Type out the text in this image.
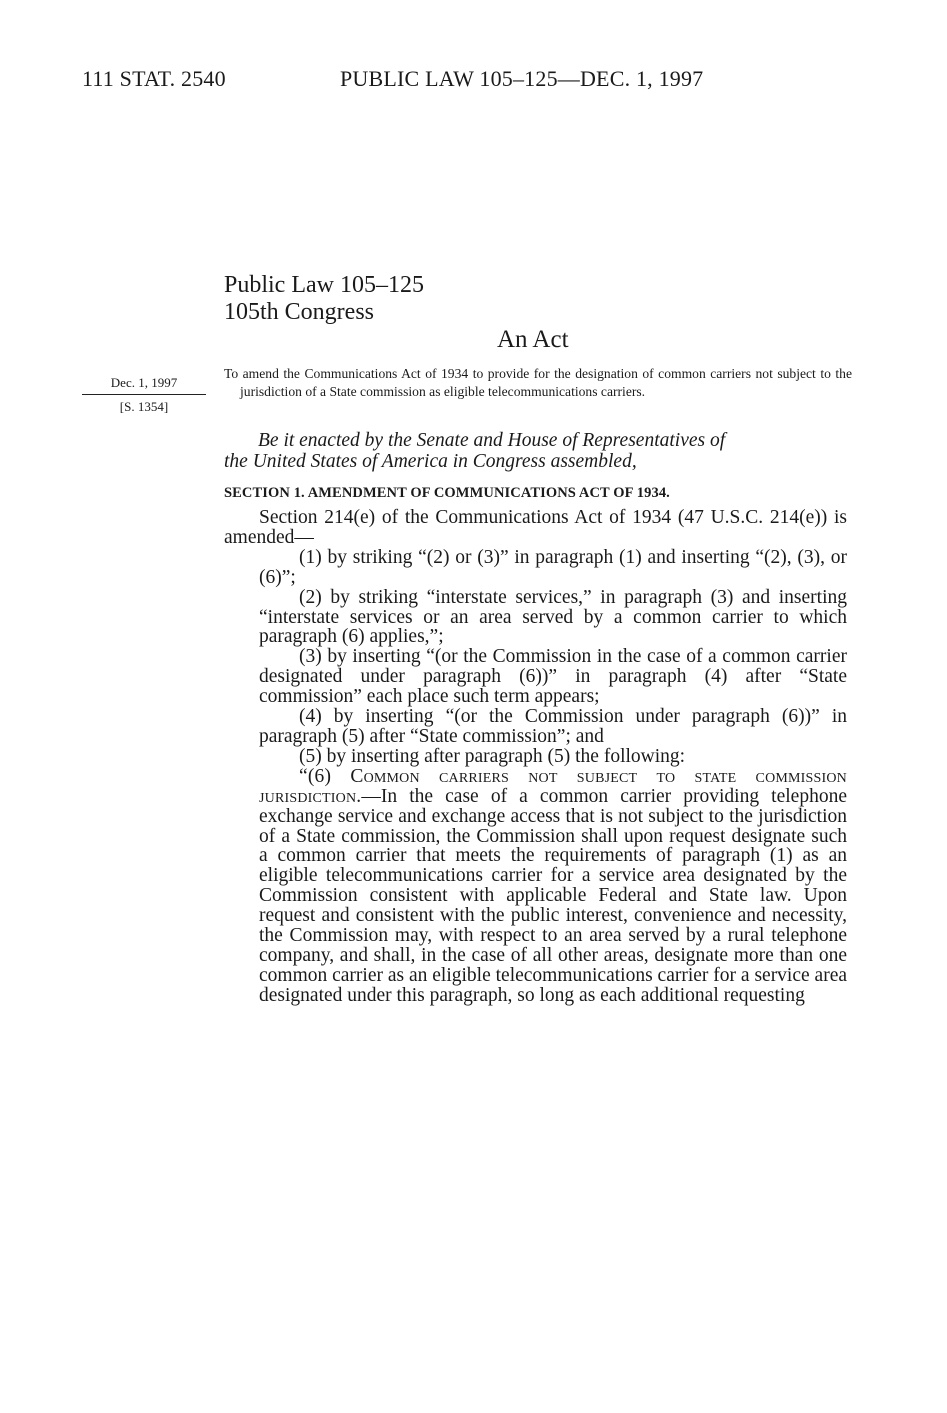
111 STAT. 2540	PUBLIC LAW 105–125—DEC. 1, 1997
Public Law 105–125
105th Congress
An Act
Dec. 1, 1997
[S. 1354]
To amend the Communications Act of 1934 to provide for the designation of common carriers not subject to the jurisdiction of a State commission as eligible telecommunications carriers.
Be it enacted by the Senate and House of Representatives of
the United States of America in Congress assembled,
SECTION 1. AMENDMENT OF COMMUNICATIONS ACT OF 1934.

Section 214(e) of the Communications Act of 1934 (47 U.S.C. 214(e)) is amended—

(1) by striking “(2) or (3)” in paragraph (1) and inserting “(2), (3), or (6)”;

(2) by striking “interstate services,” in paragraph (3) and inserting “interstate services or an area served by a common carrier to which paragraph (6) applies,”;

(3) by inserting “(or the Commission in the case of a common carrier designated under paragraph (6))” in paragraph (4) after “State commission” each place such term appears;

(4) by inserting “(or the Commission under paragraph (6))” in paragraph (5) after “State commission”; and

(5) by inserting after paragraph (5) the following:

“(6) Common carriers not subject to state commission jurisdiction.—In the case of a common carrier providing telephone exchange service and exchange access that is not subject to the jurisdiction of a State commission, the Commission shall upon request designate such a common carrier that meets the requirements of paragraph (1) as an eligible telecommunications carrier for a service area designated by the Commission consistent with applicable Federal and State law. Upon request and consistent with the public interest, convenience and necessity, the Commission may, with respect to an area served by a rural telephone company, and shall, in the case of all other areas, designate more than one common carrier as an eligible telecommunications carrier for a service area designated under this paragraph, so long as each additional requesting
